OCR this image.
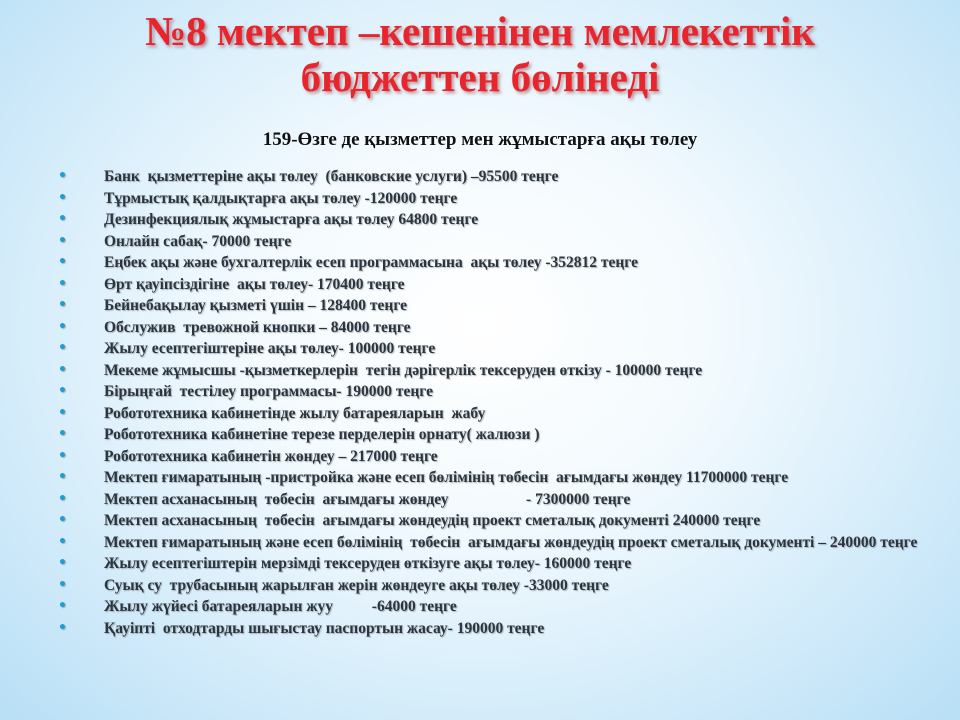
№8 мектеп –кешенінен мемлекеттік
бюджеттен бөлінеді

159-Өзге де қызметтер мен жұмыстарға ақы төлеу

• Банк  қызметтеріне ақы төлеу  (банковские услуги) –95500 теңге
• Тұрмыстық қалдықтарға ақы төлеу -120000 теңге
• Дезинфекциялық жұмыстарға ақы төлеу 64800 теңге
• Онлайн сабақ- 70000 теңге
• Еңбек ақы және бухгалтерлік есеп программасына  ақы төлеу -352812 теңге
• Өрт қауіпсіздігіне  ақы төлеу- 170400 теңге
• Бейнебақылау қызметі үшін – 128400 теңге
• Обслужив  тревожной кнопки – 84000 теңге
• Жылу есептегіштеріне ақы төлеу- 100000 теңге
• Мекеме жұмысшы -қызметкерлерін  тегін дәрігерлік тексеруден өткізу - 100000 теңге
• Бірыңғай  тестілеу программасы- 190000 теңге
• Робототехника кабинетінде жылу батареяларын  жабу
• Робототехника кабинетіне терезе перделерін орнату( жалюзи )
• Робототехника кабинетін жөндеу – 217000 теңге
• Мектеп ғимаратының -пристройка және есеп бөлімінің төбесін  ағымдағы жөндеу 11700000 теңге
• Мектеп асханасының  төбесін  ағымдағы жөндеу                    - 7300000 теңге
• Мектеп асханасының  төбесін  ағымдағы жөндеудің проект сметалық документі 240000 теңге
• Мектеп ғимаратының және есеп бөлімінің  төбесін  ағымдағы жөндеудің проект сметалық документі – 240000 теңге
• Жылу есептегіштерін мерзімді тексеруден өткізуге ақы төлеу- 160000 теңге
• Суық су  трубасының жарылған жерін жөндеуге ақы төлеу -33000 теңге
• Жылу жүйесі батареяларын жуу          -64000 теңге
• Қауіпті  отходтарды шығыстау паспортын жасау- 190000 теңге
